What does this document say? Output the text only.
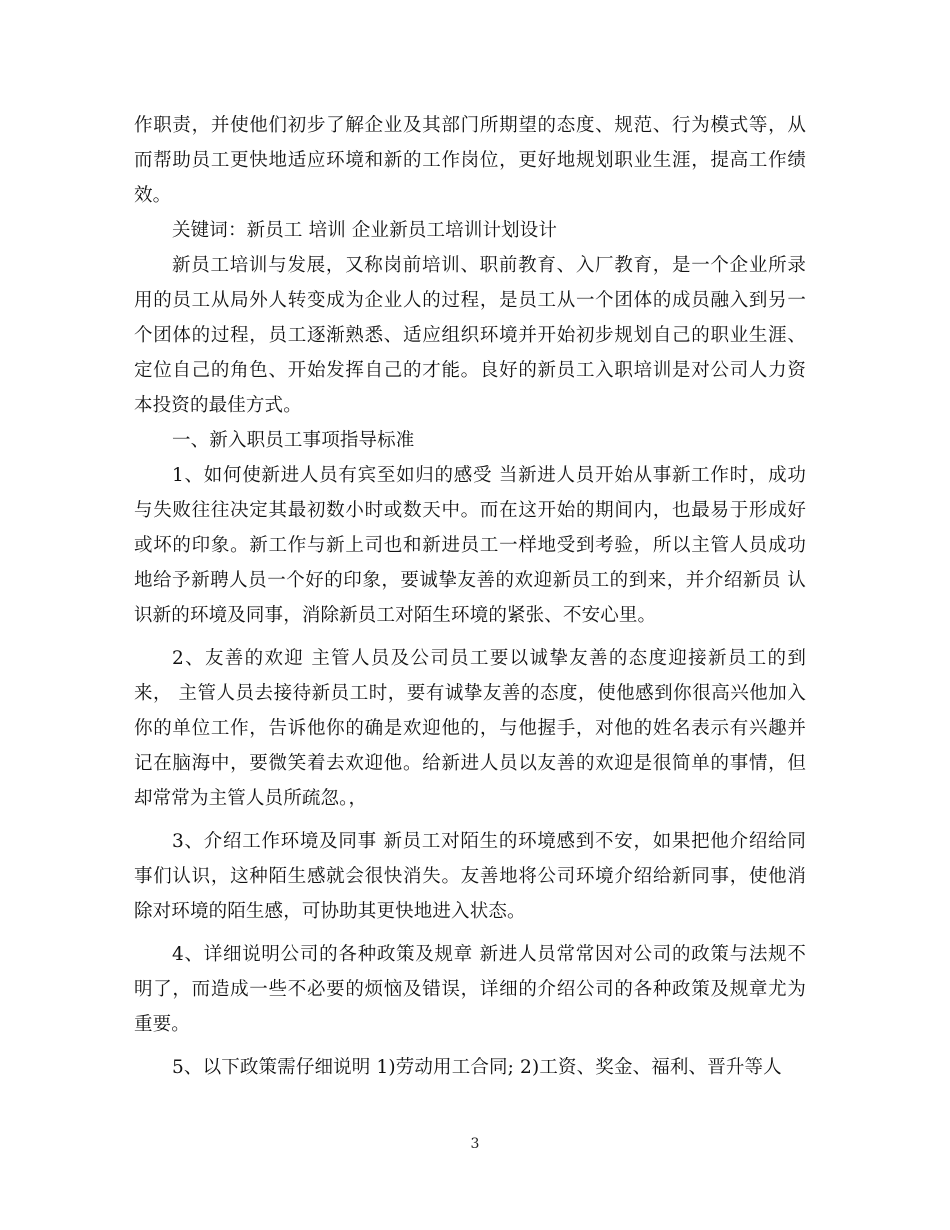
作职责，并使他们初步了解企业及其部门所期望的态度、规范、行为模式等，从
而帮助员工更快地适应环境和新的工作岗位，更好地规划职业生涯，提高工作绩
效。

关键词：新员工 培训 企业新员工培训计划设计

新员工培训与发展，又称岗前培训、职前教育、入厂教育，是一个企业所录
用的员工从局外人转变成为企业人的过程，是员工从一个团体的成员融入到另一
个团体的过程，员工逐渐熟悉、适应组织环境并开始初步规划自己的职业生涯、
定位自己的角色、开始发挥自己的才能。良好的新员工入职培训是对公司人力资
本投资的最佳方式。

一、新入职员工事项指导标准

1、如何使新进人员有宾至如归的感受 当新进人员开始从事新工作时，成功
与失败往往决定其最初数小时或数天中。而在这开始的期间内，也最易于形成好
或坏的印象。新工作与新上司也和新进员工一样地受到考验，所以主管人员成功
地给予新聘人员一个好的印象，要诚挚友善的欢迎新员工的到来，并介绍新员 认
识新的环境及同事，消除新员工对陌生环境的紧张、不安心里。

2、友善的欢迎 主管人员及公司员工要以诚挚友善的态度迎接新员工的到
来， 主管人员去接待新员工时，要有诚挚友善的态度，使他感到你很高兴他加入
你的单位工作，告诉他你的确是欢迎他的，与他握手，对他的姓名表示有兴趣并
记在脑海中，要微笑着去欢迎他。给新进人员以友善的欢迎是很简单的事情，但
却常常为主管人员所疏忽。，

3、介绍工作环境及同事 新员工对陌生的环境感到不安，如果把他介绍给同
事们认识，这种陌生感就会很快消失。友善地将公司环境介绍给新同事，使他消
除对环境的陌生感，可协助其更快地进入状态。

4、详细说明公司的各种政策及规章 新进人员常常因对公司的政策与法规不
明了，而造成一些不必要的烦恼及错误，详细的介绍公司的各种政策及规章尤为
重要。

5、以下政策需仔细说明 1)劳动用工合同; 2)工资、奖金、福利、晋升等人

3
